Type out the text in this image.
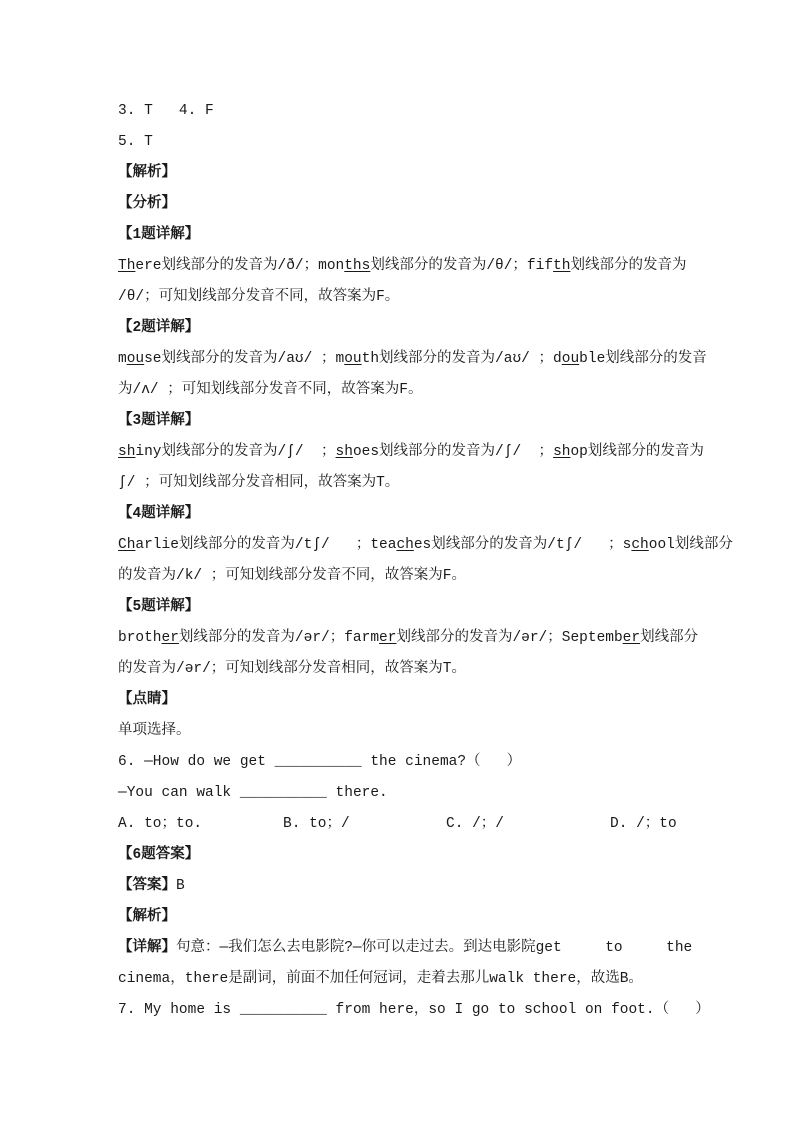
3. T   4. F
5. T
【解析】
【分析】
【1题详解】
There划线部分的发音为/ð/；months划线部分的发音为/θ/；fifth划线部分的发音为
/θ/；可知划线部分发音不同，故答案为F。
【2题详解】
mouse划线部分的发音为/aʊ/ ；mouth划线部分的发音为/aʊ/ ；double划线部分的发音
为/ʌ/ ；可知划线部分发音不同，故答案为F。
【3题详解】
shiny划线部分的发音为/ʃ/  ；shoes划线部分的发音为/ʃ/  ；shop划线部分的发音为
ʃ/ ；可知划线部分发音相同，故答案为T。
【4题详解】
Charlie划线部分的发音为/tʃ/   ；teaches划线部分的发音为/tʃ/   ；school划线部分
的发音为/k/ ；可知划线部分发音不同，故答案为F。
【5题详解】
brother划线部分的发音为/ər/；farmer划线部分的发音为/ər/；September划线部分
的发音为/ər/；可知划线部分发音相同，故答案为T。
【点睛】
单项选择。
6. —How do we get __________ the cinema?（   ）
—You can walk __________ there.
A. to；to.	B. to；/	C. /；/	D. /；to
【6题答案】
【答案】B
【解析】
【详解】句意：—我们怎么去电影院?—你可以走过去。到达电影院get     to     the
cinema，there是副词，前面不加任何冠词，走着去那儿walk there，故选B。
7. My home is __________ from here，so I go to school on foot.（   ）
